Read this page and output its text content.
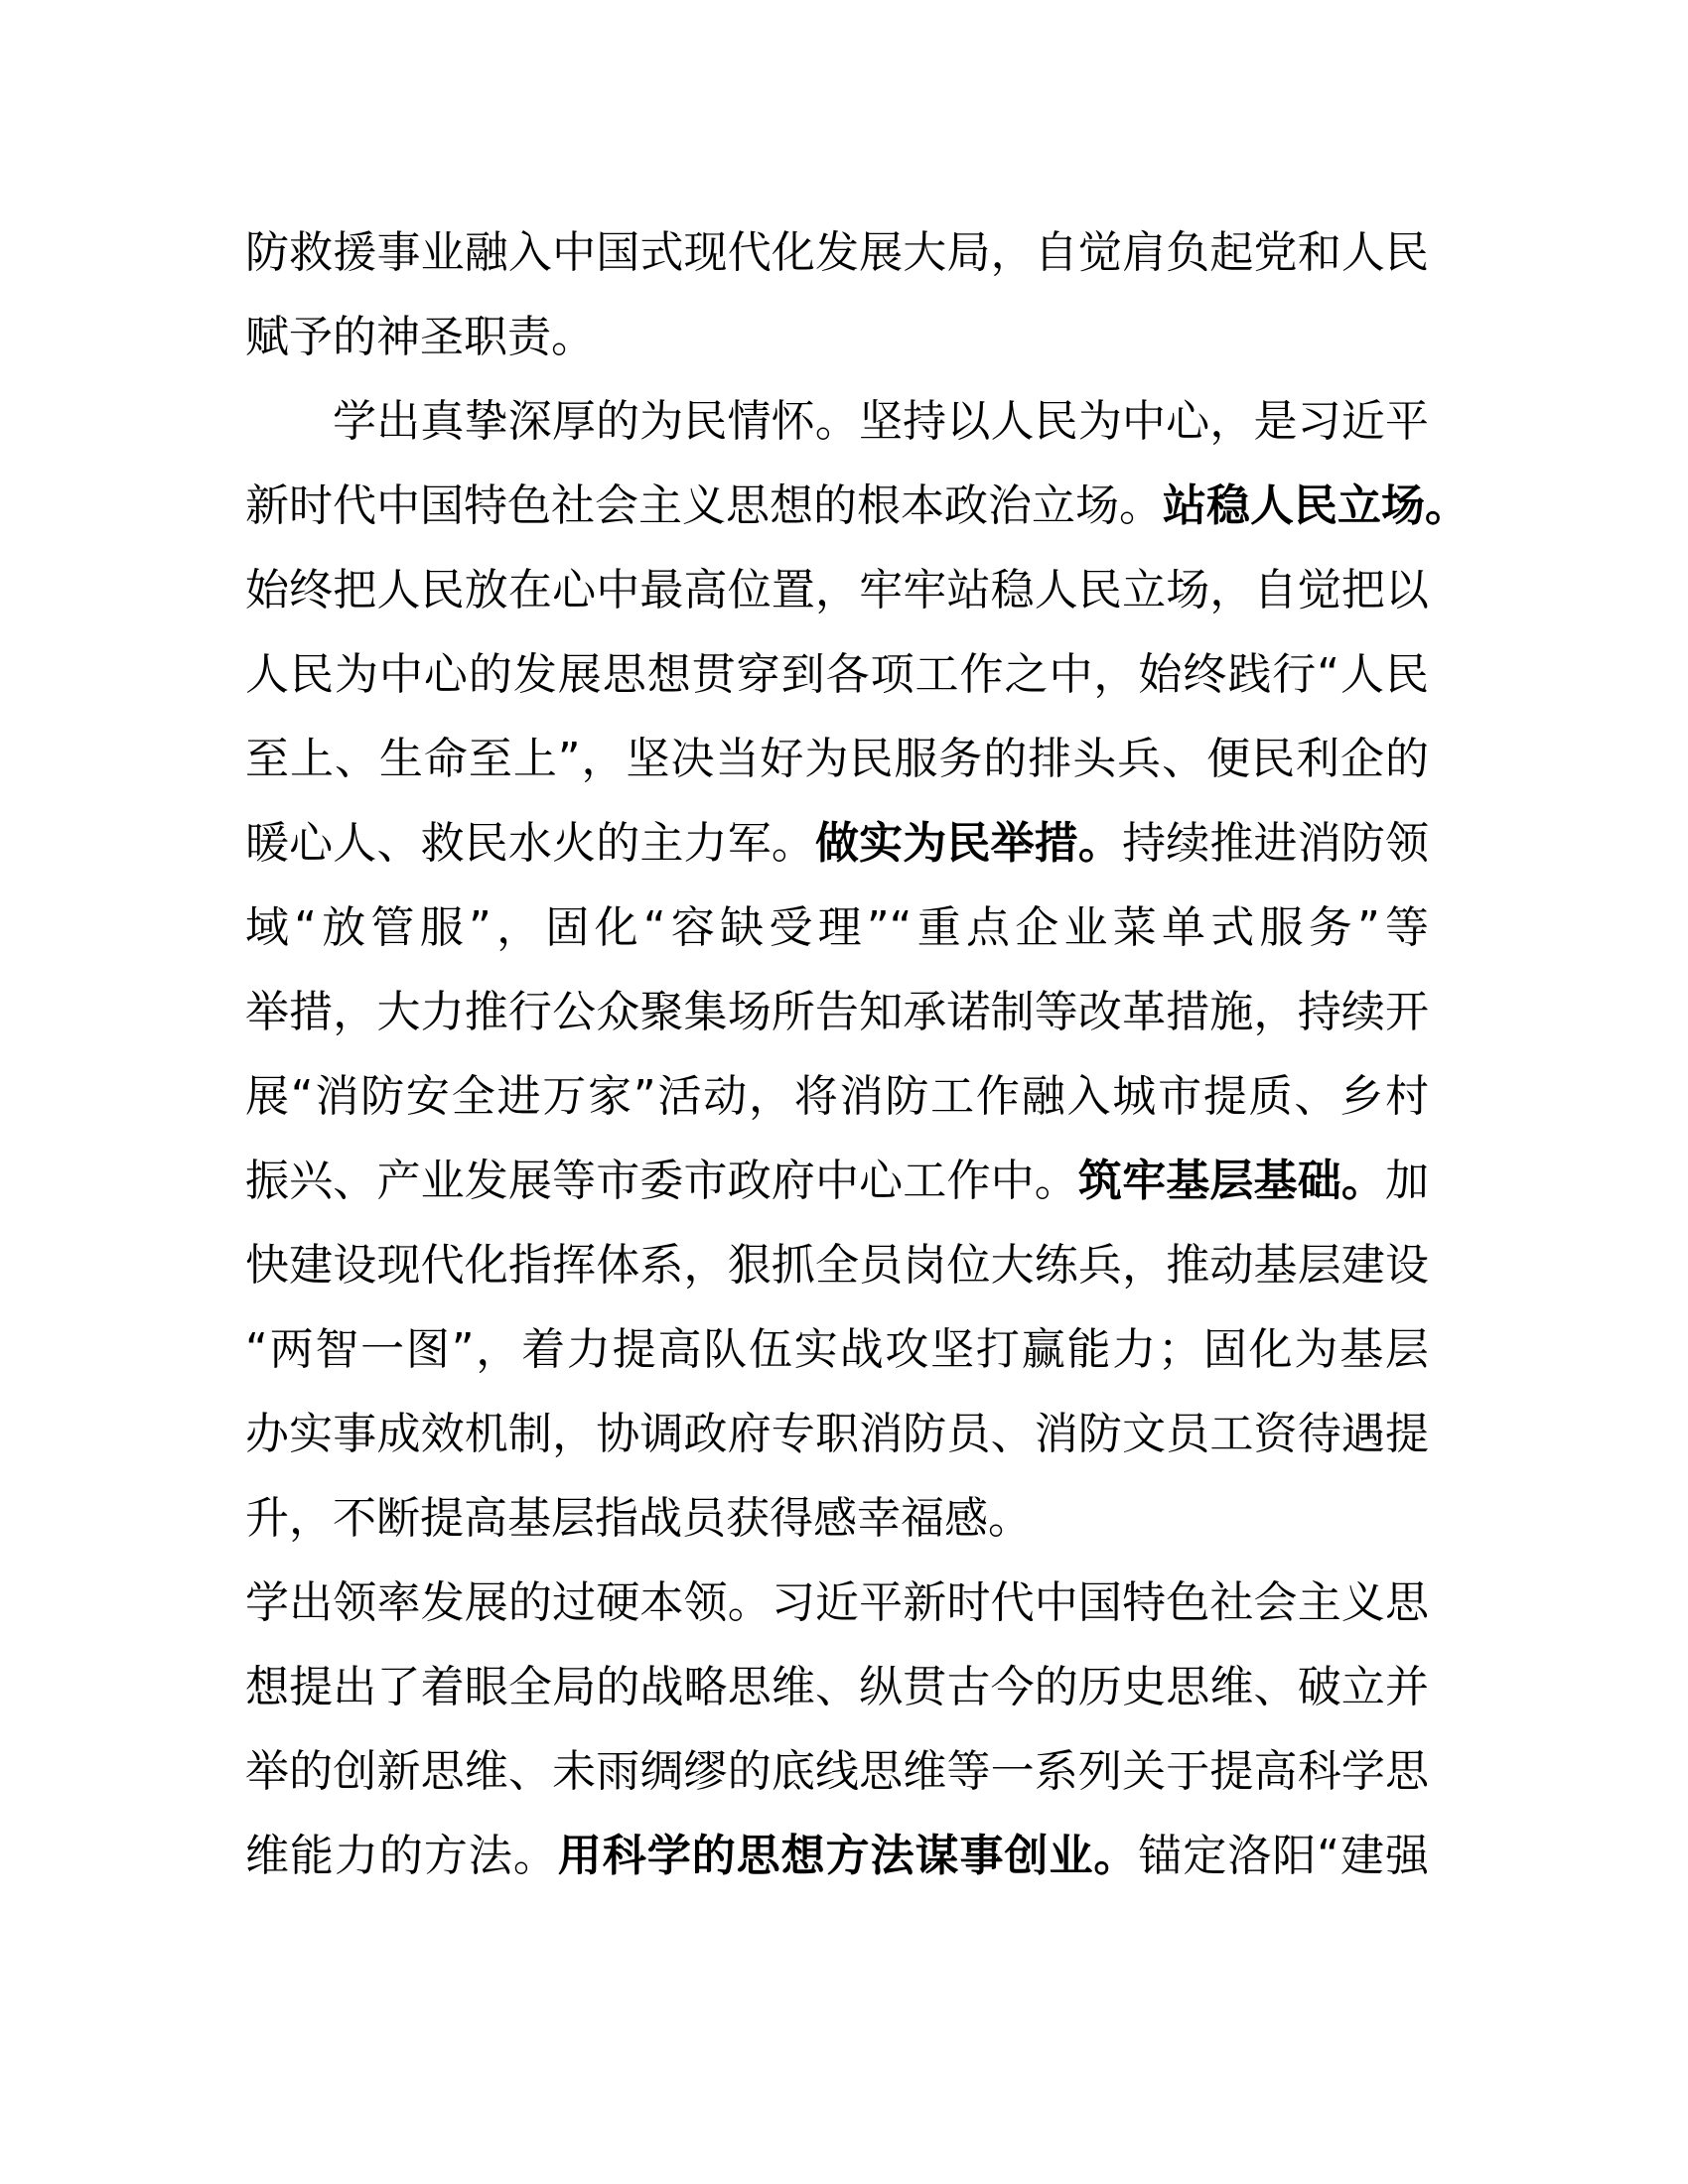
防救援事业融入中国式现代化发展大局，自觉肩负起党和人民
赋予的神圣职责。
学出真挚深厚的为民情怀。坚持以人民为中心，是习近平
新时代中国特色社会主义思想的根本政治立场。站稳人民立场。
始终把人民放在心中最高位置，牢牢站稳人民立场，自觉把以
人民为中心的发展思想贯穿到各项工作之中，始终践行“人民
至上、生命至上”，坚决当好为民服务的排头兵、便民利企的
暖心人、救民水火的主力军。做实为民举措。持续推进消防领
域“放管服”，固化“容缺受理”“重点企业菜单式服务”等
举措，大力推行公众聚集场所告知承诺制等改革措施，持续开
展“消防安全进万家”活动，将消防工作融入城市提质、乡村
振兴、产业发展等市委市政府中心工作中。筑牢基层基础。加
快建设现代化指挥体系，狠抓全员岗位大练兵，推动基层建设
“两智一图”，着力提高队伍实战攻坚打赢能力；固化为基层
办实事成效机制，协调政府专职消防员、消防文员工资待遇提
升，不断提高基层指战员获得感幸福感。
学出领率发展的过硬本领。习近平新时代中国特色社会主义思
想提出了着眼全局的战略思维、纵贯古今的历史思维、破立并
举的创新思维、未雨绸缪的底线思维等一系列关于提高科学思
维能力的方法。用科学的思想方法谋事创业。锚定洛阳“建强
